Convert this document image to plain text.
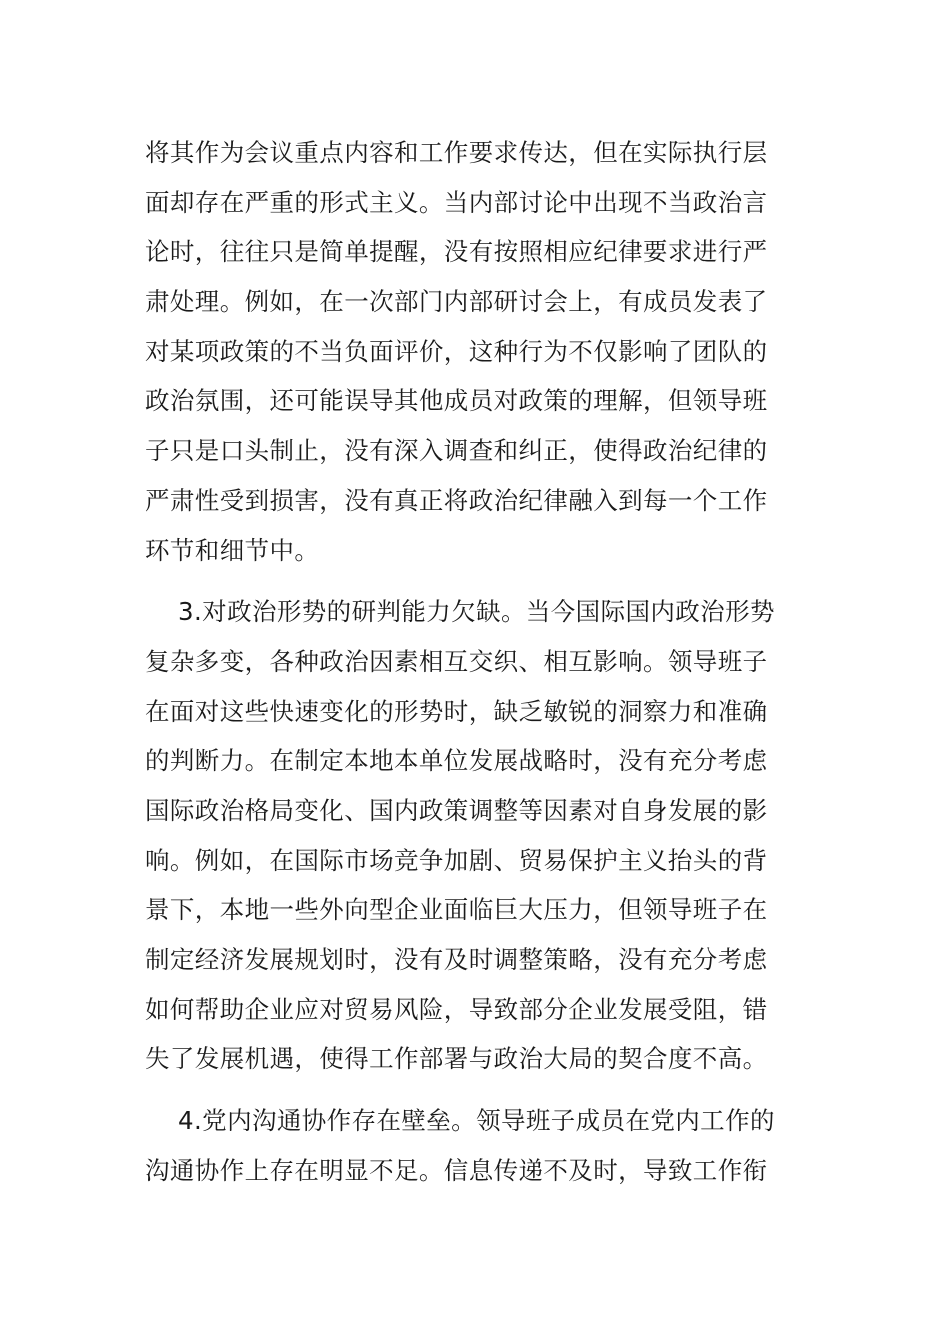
将其作为会议重点内容和工作要求传达，但在实际执行层
面却存在严重的形式主义。当内部讨论中出现不当政治言
论时，往往只是简单提醒，没有按照相应纪律要求进行严
肃处理。例如，在一次部门内部研讨会上，有成员发表了
对某项政策的不当负面评价，这种行为不仅影响了团队的
政治氛围，还可能误导其他成员对政策的理解，但领导班
子只是口头制止，没有深入调查和纠正，使得政治纪律的
严肃性受到损害，没有真正将政治纪律融入到每一个工作
环节和细节中。
3.对政治形势的研判能力欠缺。当今国际国内政治形势
复杂多变，各种政治因素相互交织、相互影响。领导班子
在面对这些快速变化的形势时，缺乏敏锐的洞察力和准确
的判断力。在制定本地本单位发展战略时，没有充分考虑
国际政治格局变化、国内政策调整等因素对自身发展的影
响。例如，在国际市场竞争加剧、贸易保护主义抬头的背
景下，本地一些外向型企业面临巨大压力，但领导班子在
制定经济发展规划时，没有及时调整策略，没有充分考虑
如何帮助企业应对贸易风险，导致部分企业发展受阻，错
失了发展机遇，使得工作部署与政治大局的契合度不高。
4.党内沟通协作存在壁垒。领导班子成员在党内工作的
沟通协作上存在明显不足。信息传递不及时，导致工作衔
